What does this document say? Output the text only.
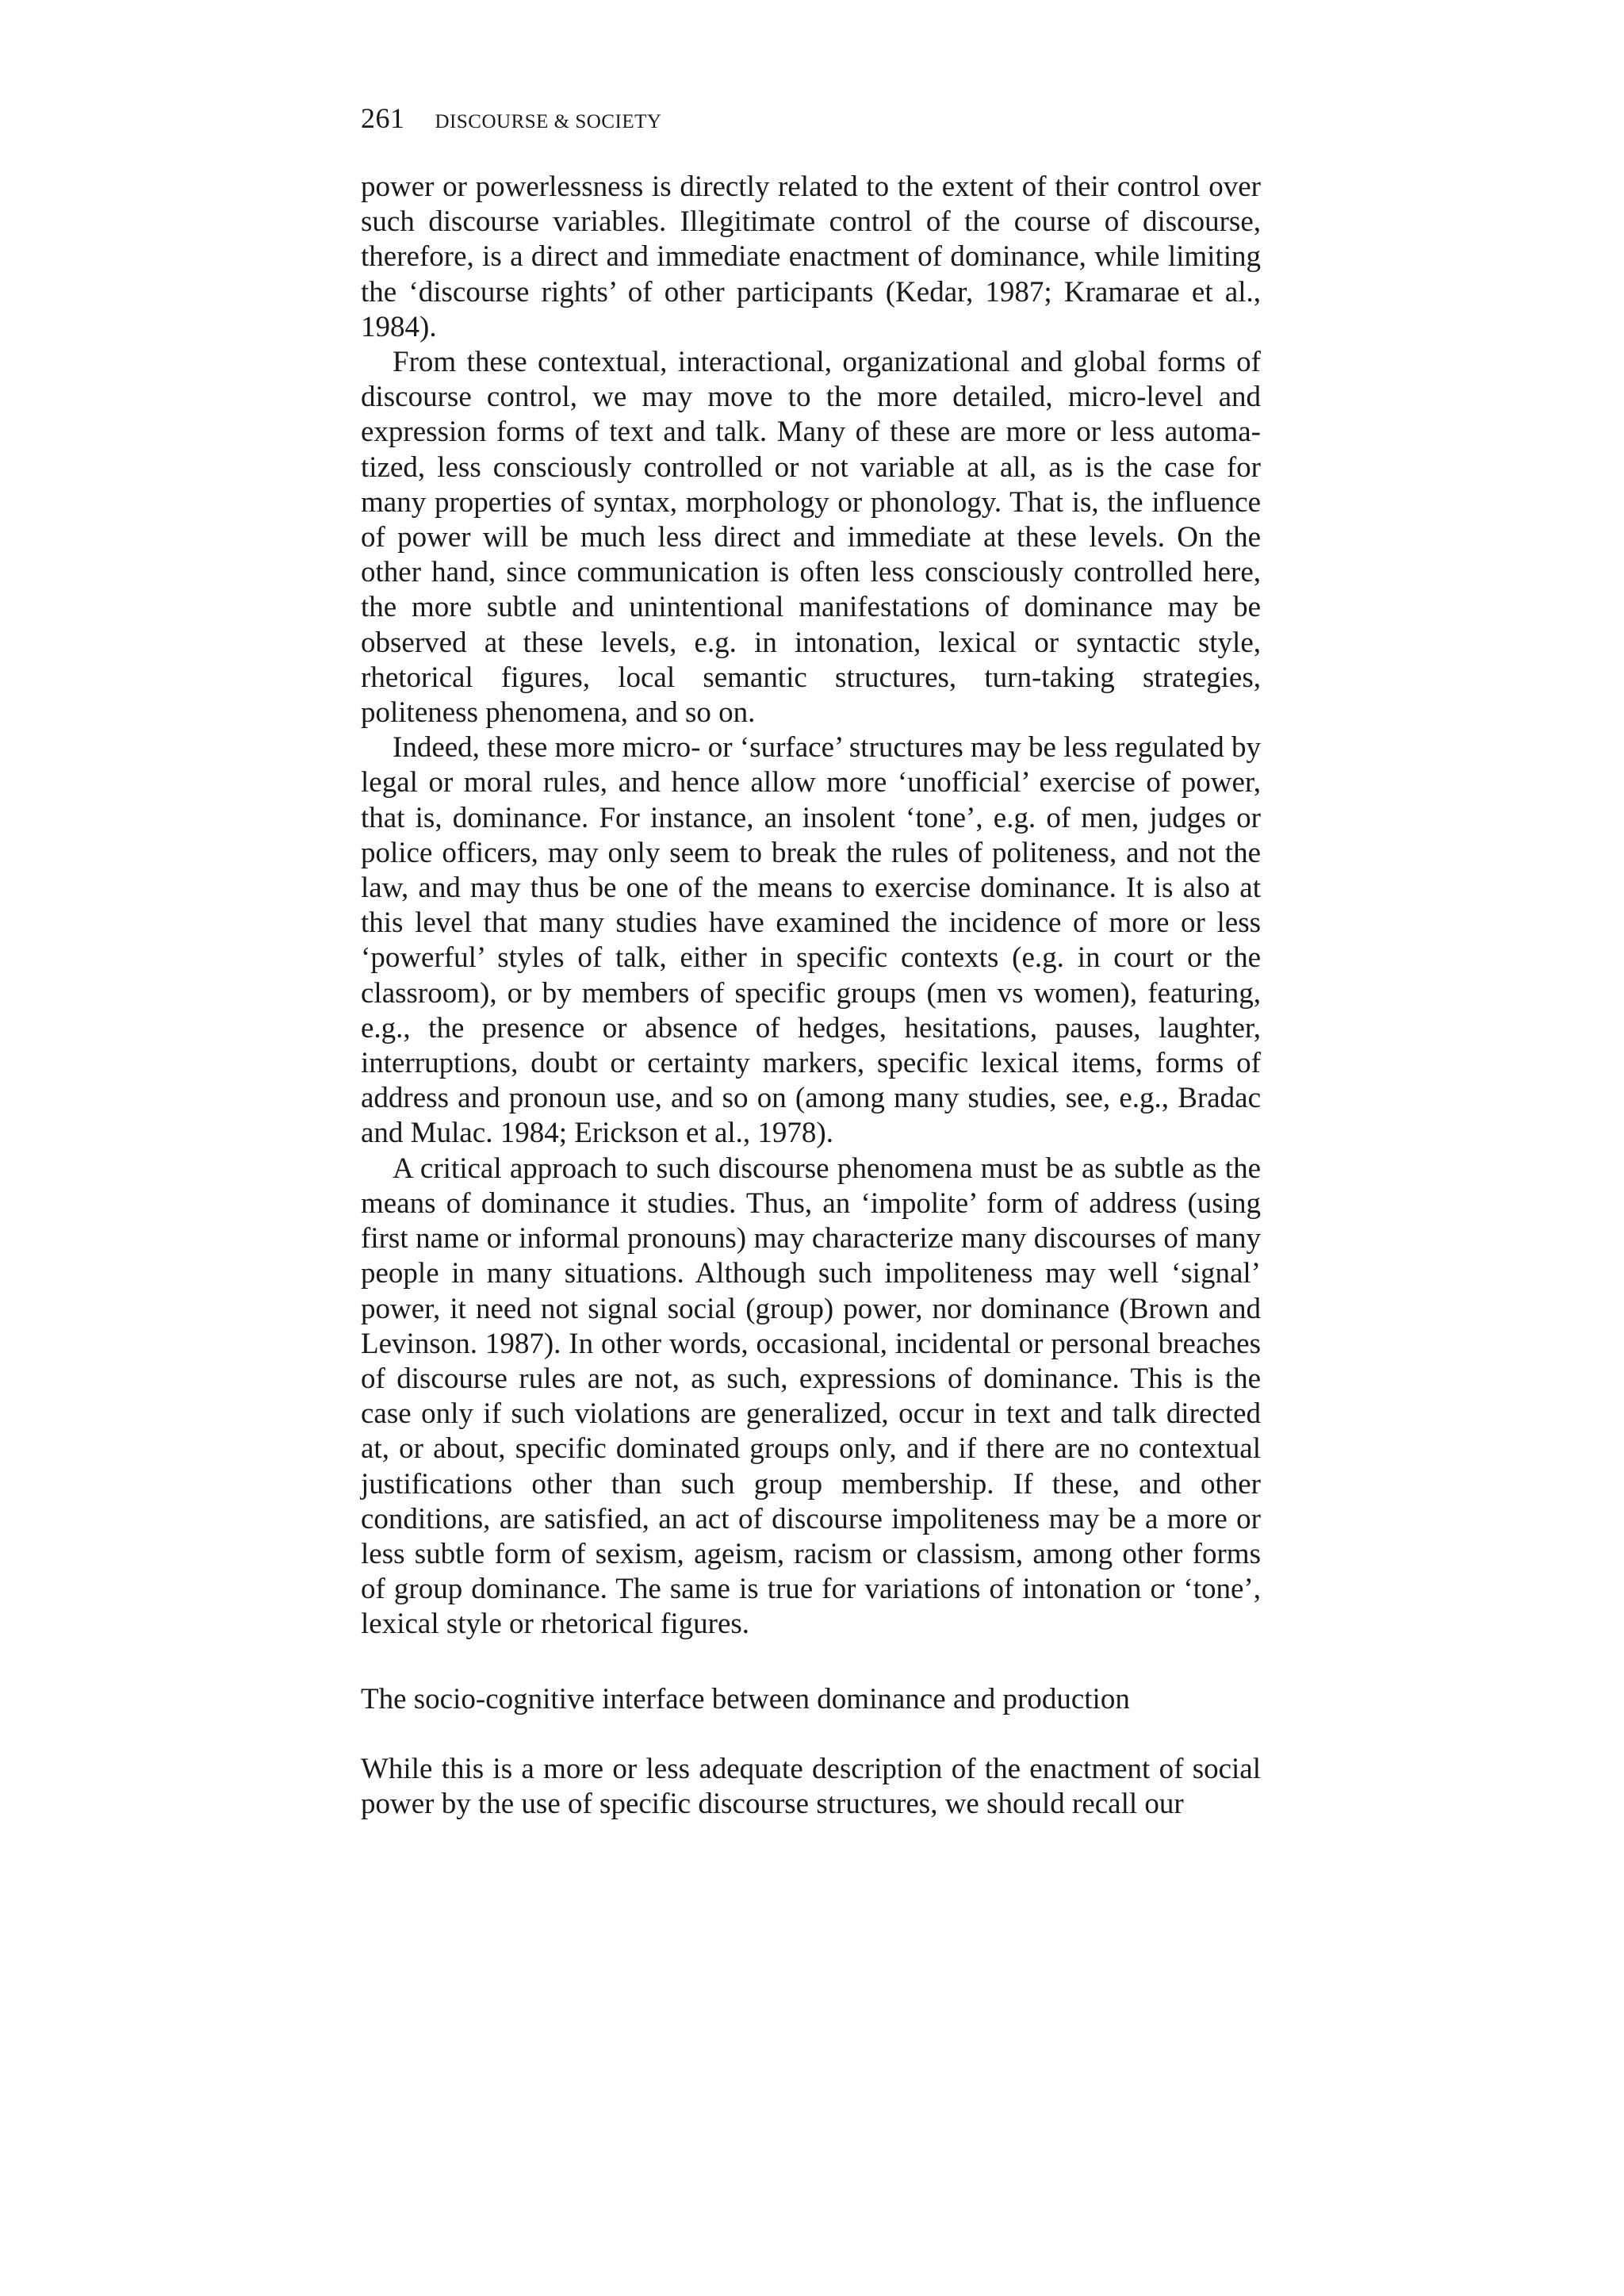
261 DISCOURSE & SOCIETY

power or powerlessness is directly related to the extent of their control over such discourse variables. Illegitimate control of the course of discourse, therefore, is a direct and immediate enactment of dominance, while limiting the ‘discourse rights’ of other participants (Kedar, 1987; Kramarae et al., 1984).

From these contextual, interactional, organizational and global forms of discourse control, we may move to the more detailed, micro-level and expression forms of text and talk. Many of these are more or less automatized, less consciously controlled or not variable at all, as is the case for many properties of syntax, morphology or phonology. That is, the influence of power will be much less direct and immediate at these levels. On the other hand, since communication is often less consciously controlled here, the more subtle and unintentional manifestations of dominance may be observed at these levels, e.g. in intonation, lexical or syntactic style, rhetorical figures, local semantic structures, turn-taking strategies, politeness phenomena, and so on.

Indeed, these more micro- or ‘surface’ structures may be less regulated by legal or moral rules, and hence allow more ‘unofficial’ exercise of power, that is, dominance. For instance, an insolent ‘tone’, e.g. of men, judges or police officers, may only seem to break the rules of politeness, and not the law, and may thus be one of the means to exercise dominance. It is also at this level that many studies have examined the incidence of more or less ‘powerful’ styles of talk, either in specific contexts (e.g. in court or the classroom), or by members of specific groups (men vs women), featuring, e.g., the presence or absence of hedges, hesitations, pauses, laughter, interruptions, doubt or certainty markers, specific lexical items, forms of address and pronoun use, and so on (among many studies, see, e.g., Bradac and Mulac. 1984; Erickson et al., 1978).

A critical approach to such discourse phenomena must be as subtle as the means of dominance it studies. Thus, an ‘impolite’ form of address (using first name or informal pronouns) may characterize many discourses of many people in many situations. Although such impoliteness may well ‘signal’ power, it need not signal social (group) power, nor dominance (Brown and Levinson. 1987). In other words, occasional, incidental or personal breaches of discourse rules are not, as such, expressions of dominance. This is the case only if such violations are generalized, occur in text and talk directed at, or about, specific dominated groups only, and if there are no contextual justifications other than such group membership. If these, and other conditions, are satisfied, an act of discourse impoliteness may be a more or less subtle form of sexism, ageism, racism or classism, among other forms of group dominance. The same is true for variations of intonation or ‘tone’, lexical style or rhetorical figures.

The socio-cognitive interface between dominance and production

While this is a more or less adequate description of the enactment of social power by the use of specific discourse structures, we should recall our
